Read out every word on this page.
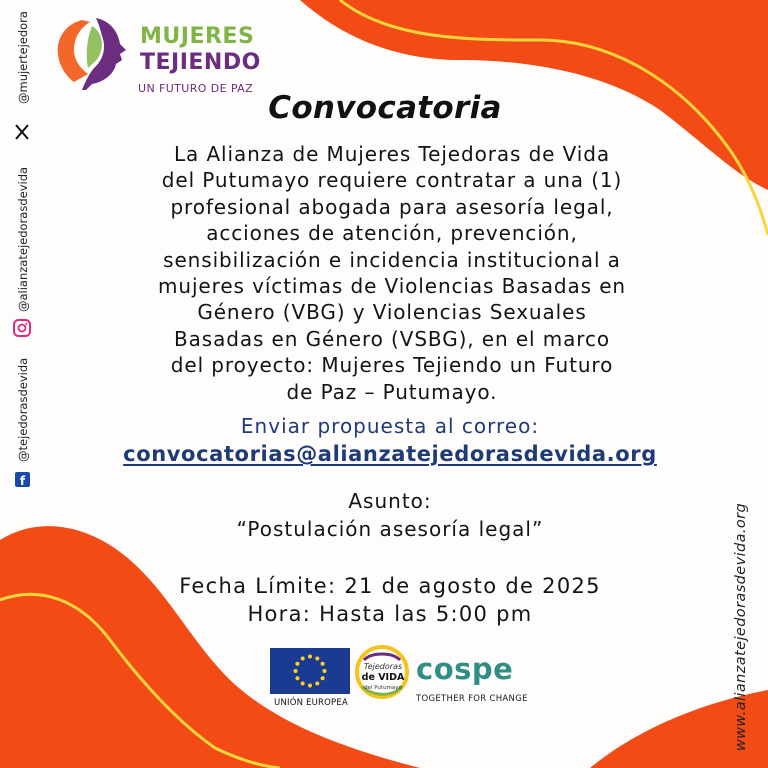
MUJERES
TEJIENDO
UN FUTURO DE PAZ
@mujertejedora
@alianzatejedorasdevida
@tejedorasdevida
f
Convocatoria
La Alianza de Mujeres Tejedoras de Vida
del Putumayo requiere contratar a una (1)
profesional abogada para asesoría legal,
acciones de atención, prevención,
sensibilización e incidencia institucional a
mujeres víctimas de Violencias Basadas en
Género (VBG) y Violencias Sexuales
Basadas en Género (VSBG), en el marco
del proyecto: Mujeres Tejiendo un Futuro
de Paz – Putumayo.
Enviar propuesta al correo:
convocatorias@alianzatejedorasdevida.org
Asunto:
“Postulación asesoría legal”
Fecha Límite: 21 de agosto de 2025
Hora: Hasta las 5:00 pm
UNIÓN EUROPEA
Tejedoras
de VIDA
del Putumayo
cospe
TOGETHER FOR CHANGE	www.alianzatejedorasdevida.org
